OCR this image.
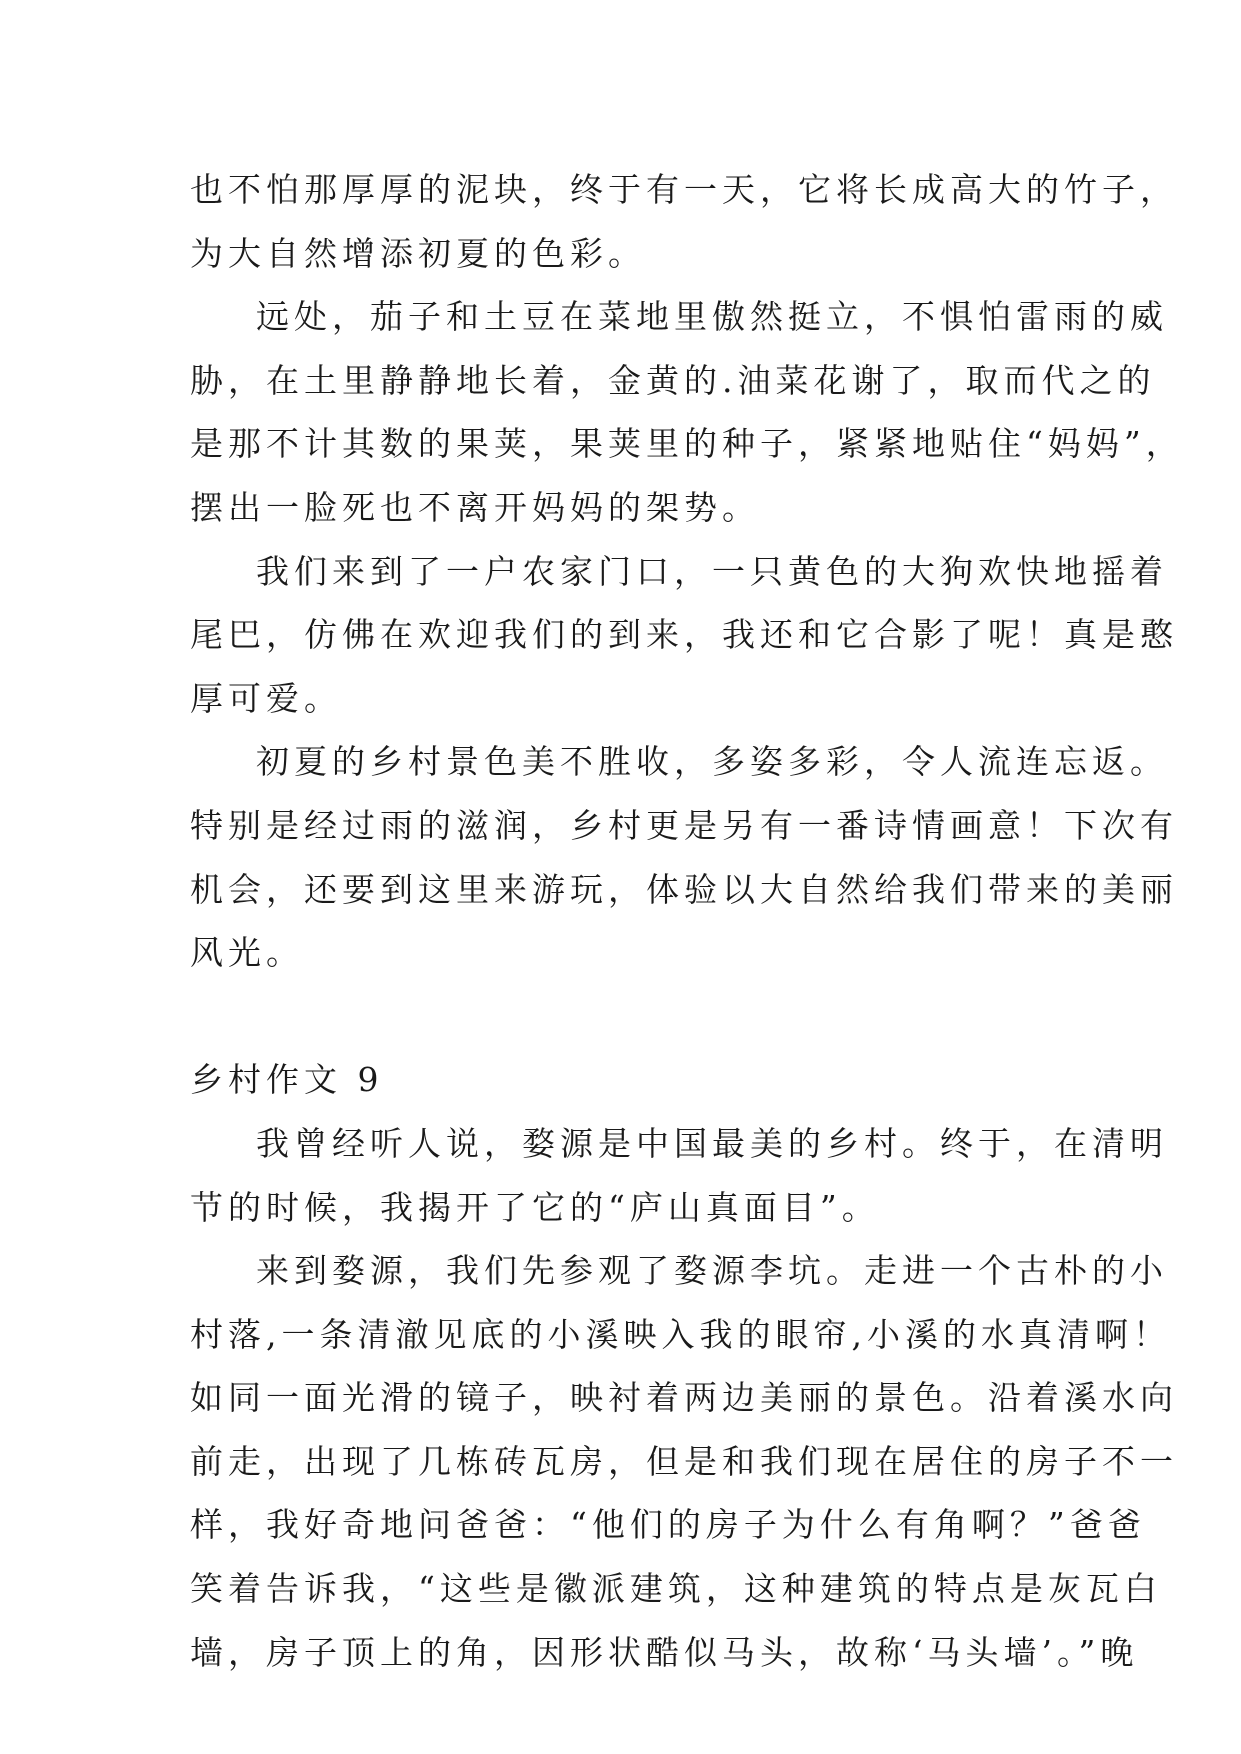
也不怕那厚厚的泥块，终于有一天，它将长成高大的竹子，
为大自然增添初夏的色彩。
远处，茄子和土豆在菜地里傲然挺立，不惧怕雷雨的威
胁，在土里静静地长着，金黄的.油菜花谢了，取而代之的
是那不计其数的果荚，果荚里的种子，紧紧地贴住“妈妈”，
摆出一脸死也不离开妈妈的架势。
我们来到了一户农家门口，一只黄色的大狗欢快地摇着
尾巴，仿佛在欢迎我们的到来，我还和它合影了呢！真是憨
厚可爱。
初夏的乡村景色美不胜收，多姿多彩，令人流连忘返。
特别是经过雨的滋润，乡村更是另有一番诗情画意！下次有
机会，还要到这里来游玩，体验以大自然给我们带来的美丽
风光。
乡村作文 9
我曾经听人说，婺源是中国最美的乡村。终于，在清明
节的时候，我揭开了它的“庐山真面目”。
来到婺源，我们先参观了婺源李坑。走进一个古朴的小
村落,一条清澈见底的小溪映入我的眼帘,小溪的水真清啊！
如同一面光滑的镜子，映衬着两边美丽的景色。沿着溪水向
前走，出现了几栋砖瓦房，但是和我们现在居住的房子不一
样，我好奇地问爸爸：“他们的房子为什么有角啊？”爸爸
笑着告诉我，“这些是徽派建筑，这种建筑的特点是灰瓦白
墙，房子顶上的角，因形状酷似马头，故称‘马头墙’。”晚
